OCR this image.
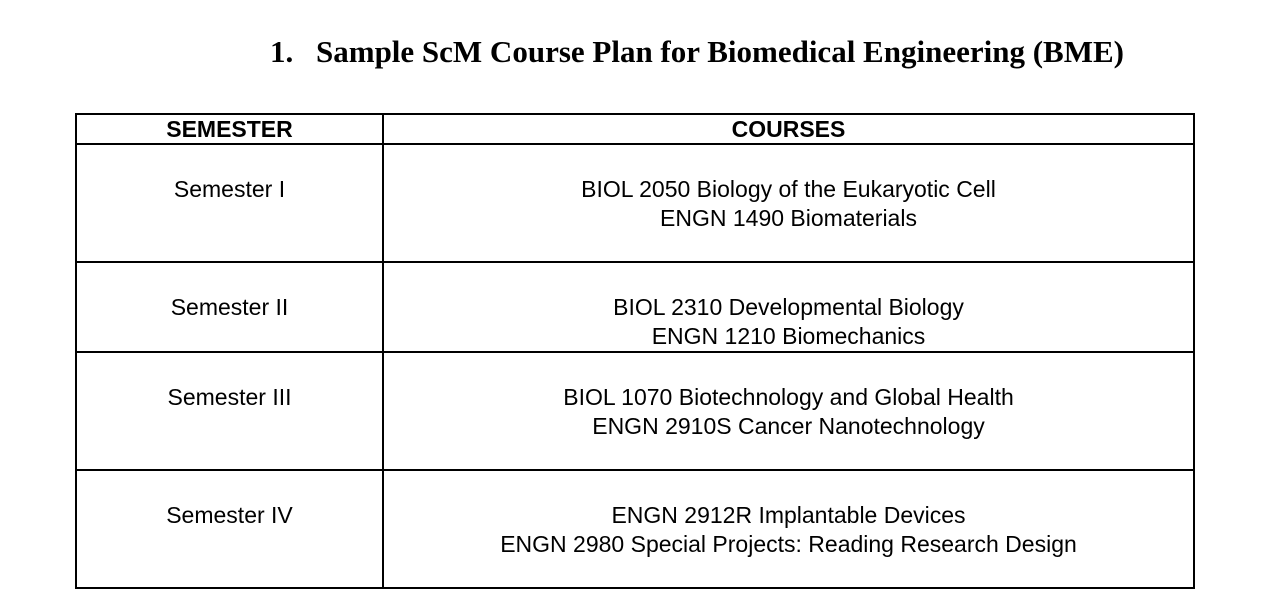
1. Sample ScM Course Plan for Biomedical Engineering (BME)
SEMESTER	COURSES
Semester I	BIOL 2050 Biology of the Eukaryotic Cell
ENGN 1490 Biomaterials

Semester II	BIOL 2310 Developmental Biology
ENGN 1210 Biomechanics

Semester III	BIOL 1070 Biotechnology and Global Health
ENGN 2910S Cancer Nanotechnology

Semester IV	ENGN 2912R Implantable Devices
ENGN 2980 Special Projects: Reading Research Design
